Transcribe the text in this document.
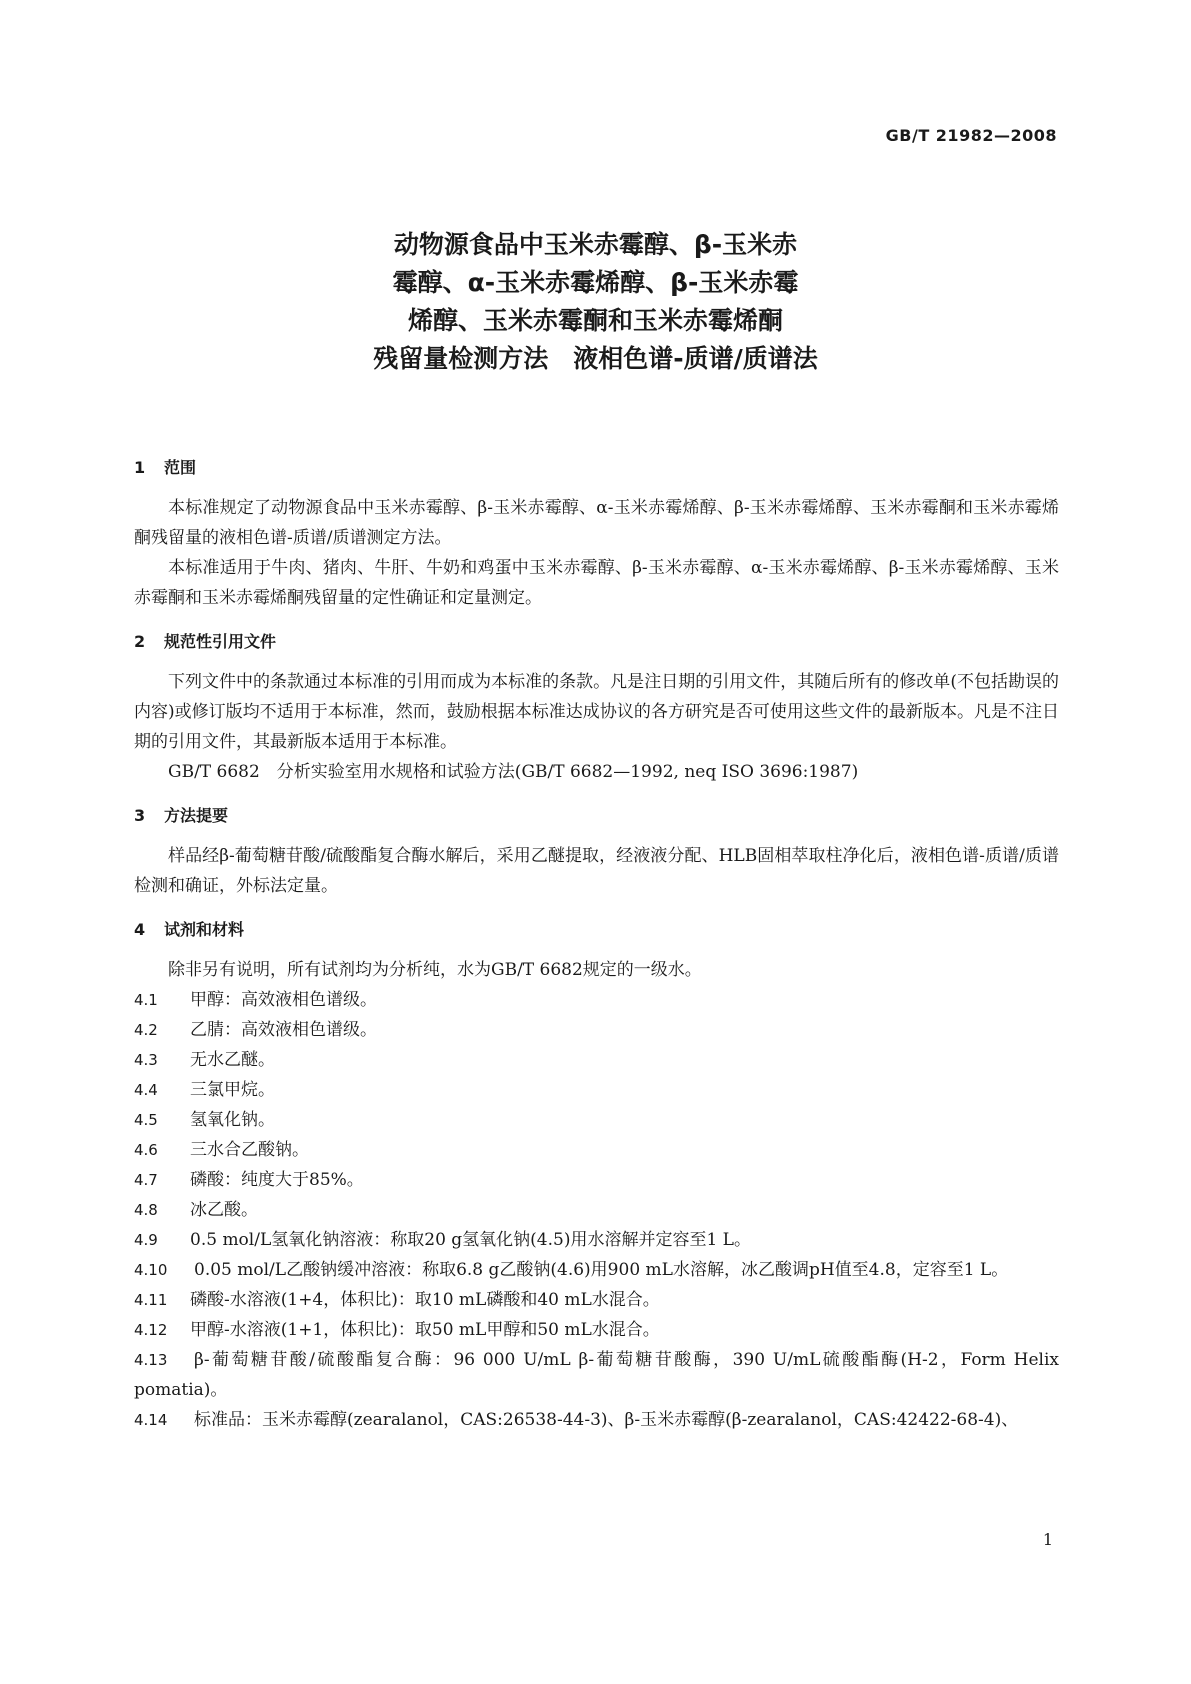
GB/T 21982—2008
动物源食品中玉米赤霉醇、β-玉米赤
霉醇、α-玉米赤霉烯醇、β-玉米赤霉
烯醇、玉米赤霉酮和玉米赤霉烯酮
残留量检测方法　液相色谱-质谱/质谱法
1 范围
本标准规定了动物源食品中玉米赤霉醇、β-玉米赤霉醇、α-玉米赤霉烯醇、β-玉米赤霉烯醇、玉米赤霉酮和玉米赤霉烯酮残留量的液相色谱-质谱/质谱测定方法。
本标准适用于牛肉、猪肉、牛肝、牛奶和鸡蛋中玉米赤霉醇、β-玉米赤霉醇、α-玉米赤霉烯醇、β-玉米赤霉烯醇、玉米赤霉酮和玉米赤霉烯酮残留量的定性确证和定量测定。
2 规范性引用文件
下列文件中的条款通过本标准的引用而成为本标准的条款。凡是注日期的引用文件，其随后所有的修改单(不包括勘误的内容)或修订版均不适用于本标准，然而，鼓励根据本标准达成协议的各方研究是否可使用这些文件的最新版本。凡是不注日期的引用文件，其最新版本适用于本标准。
GB/T 6682　分析实验室用水规格和试验方法(GB/T 6682—1992, neq ISO 3696:1987)
3 方法提要
样品经β-葡萄糖苷酸/硫酸酯复合酶水解后，采用乙醚提取，经液液分配、HLB固相萃取柱净化后，液相色谱-质谱/质谱检测和确证，外标法定量。
4 试剂和材料
除非另有说明，所有试剂均为分析纯，水为GB/T 6682规定的一级水。
4.1 甲醇：高效液相色谱级。
4.2 乙腈：高效液相色谱级。
4.3 无水乙醚。
4.4 三氯甲烷。
4.5 氢氧化钠。
4.6 三水合乙酸钠。
4.7 磷酸：纯度大于85%。
4.8 冰乙酸。
4.9 0.5 mol/L氢氧化钠溶液：称取20 g氢氧化钠(4.5)用水溶解并定容至1 L。
4.10 0.05 mol/L乙酸钠缓冲溶液：称取6.8 g乙酸钠(4.6)用900 mL水溶解，冰乙酸调pH值至4.8，定容至1 L。
4.11 磷酸-水溶液(1+4，体积比)：取10 mL磷酸和40 mL水混合。
4.12 甲醇-水溶液(1+1，体积比)：取50 mL甲醇和50 mL水混合。
4.13 β-葡萄糖苷酸/硫酸酯复合酶：96 000 U/mL β-葡萄糖苷酸酶，390 U/mL硫酸酯酶(H-2，Form Helix pomatia)。
4.14 标准品：玉米赤霉醇(zearalanol，CAS:26538-44-3)、β-玉米赤霉醇(β-zearalanol，CAS:42422-68-4)、
1
